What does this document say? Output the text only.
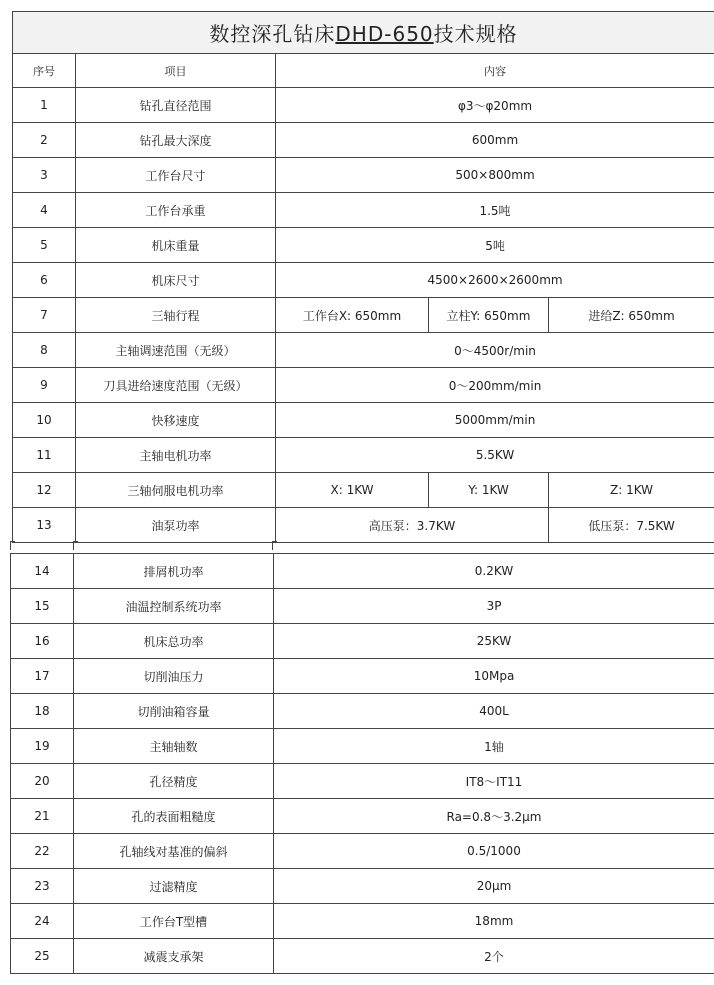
数控深孔钻床DHD-650技术规格				
序号	项目	内容		
1	钻孔直径范围	φ3～φ20mm		
2	钻孔最大深度	600mm		
3	工作台尺寸	500×800mm		
4	工作台承重	1.5吨		
5	机床重量	5吨		
6	机床尺寸	4500×2600×2600mm		
7	三轴行程	工作台X: 650mm	立柱Y: 650mm	进给Z: 650mm
8	主轴调速范围（无级）	0～4500r/min		
9	刀具进给速度范围（无级）	0～200mm/min		
10	快移速度	5000mm/min		
11	主轴电机功率	5.5KW		
12	三轴伺服电机功率	X: 1KW	Y: 1KW	Z: 1KW
13	油泵功率	高压泵：3.7KW		低压泵：7.5KW
14	排屑机功率	0.2KW
15	油温控制系统功率	3P
16	机床总功率	25KW
17	切削油压力	10Mpa
18	切削油箱容量	400L
19	主轴轴数	1轴
20	孔径精度	IT8～IT11
21	孔的表面粗糙度	Ra=0.8～3.2μm
22	孔轴线对基准的偏斜	0.5/1000
23	过滤精度	20μm
24	工作台T型槽	18mm
25	减震支承架	2个
